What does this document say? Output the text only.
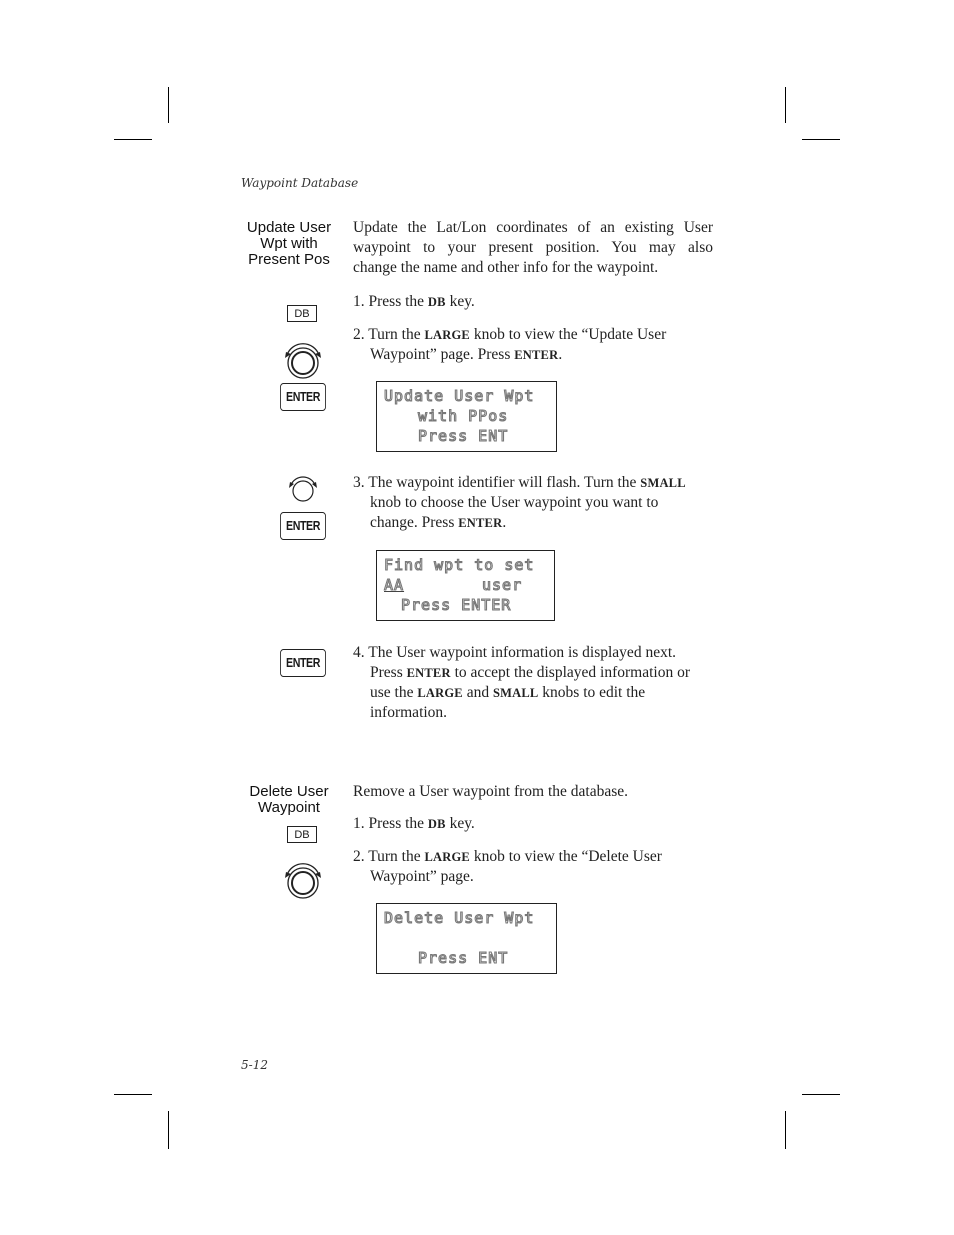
Waypoint Database
Update User
Wpt with
Present Pos
Update the Lat/Lon coordinates of an existing User
waypoint to your present position. You may also
change the name and other info for the waypoint.
DB
1. Press the DB key.
ENTER
2. Turn the LARGE knob to view the “Update User
Waypoint” page. Press ENTER.
Update User Wpt
with PPos
Press ENT
ENTER
3. The waypoint identifier will flash. Turn the SMALL
knob to choose the User waypoint you want to
change. Press ENTER.
Find wpt to set
AA	user
Press ENTER
ENTER
4. The User waypoint information is displayed next.
Press ENTER to accept the displayed information or
use the LARGE and SMALL knobs to edit the
information.
Delete User
Waypoint
Remove a User waypoint from the database.
DB
1. Press the DB key.
2. Turn the LARGE knob to view the “Delete User
Waypoint” page.
Delete User Wpt
Press ENT
5-12
